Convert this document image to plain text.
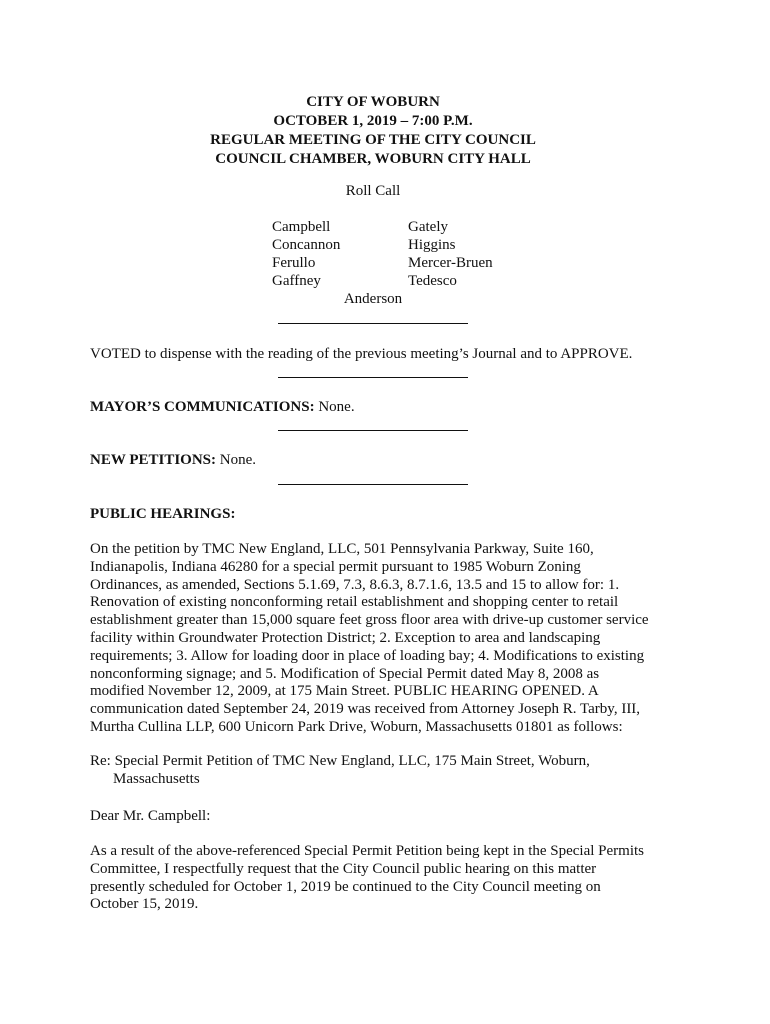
CITY OF WOBURN
OCTOBER 1, 2019 – 7:00 P.M.
REGULAR MEETING OF THE CITY COUNCIL
COUNCIL CHAMBER, WOBURN CITY HALL
Roll Call
Campbell
Concannon
Ferullo
Gaffney
Gately
Higgins
Mercer-Bruen
Tedesco
Anderson
VOTED to dispense with the reading of the previous meeting’s Journal and to APPROVE.
MAYOR’S COMMUNICATIONS: None.
NEW PETITIONS: None.
PUBLIC HEARINGS:
On the petition by TMC New England, LLC, 501 Pennsylvania Parkway, Suite 160,
Indianapolis, Indiana 46280 for a special permit pursuant to 1985 Woburn Zoning
Ordinances, as amended, Sections 5.1.69, 7.3, 8.6.3, 8.7.1.6, 13.5 and 15 to allow for: 1.
Renovation of existing nonconforming retail establishment and shopping center to retail
establishment greater than 15,000 square feet gross floor area with drive-up customer service
facility within Groundwater Protection District; 2. Exception to area and landscaping
requirements; 3. Allow for loading door in place of loading bay; 4. Modifications to existing
nonconforming signage; and 5. Modification of Special Permit dated May 8, 2008 as
modified November 12, 2009, at 175 Main Street. PUBLIC HEARING OPENED. A
communication dated September 24, 2019 was received from Attorney Joseph R. Tarby, III,
Murtha Cullina LLP, 600 Unicorn Park Drive, Woburn, Massachusetts 01801 as follows:
Re: Special Permit Petition of TMC New England, LLC, 175 Main Street, Woburn,
Massachusetts
Dear Mr. Campbell:
As a result of the above-referenced Special Permit Petition being kept in the Special Permits
Committee, I respectfully request that the City Council public hearing on this matter
presently scheduled for October 1, 2019 be continued to the City Council meeting on
October 15, 2019.
